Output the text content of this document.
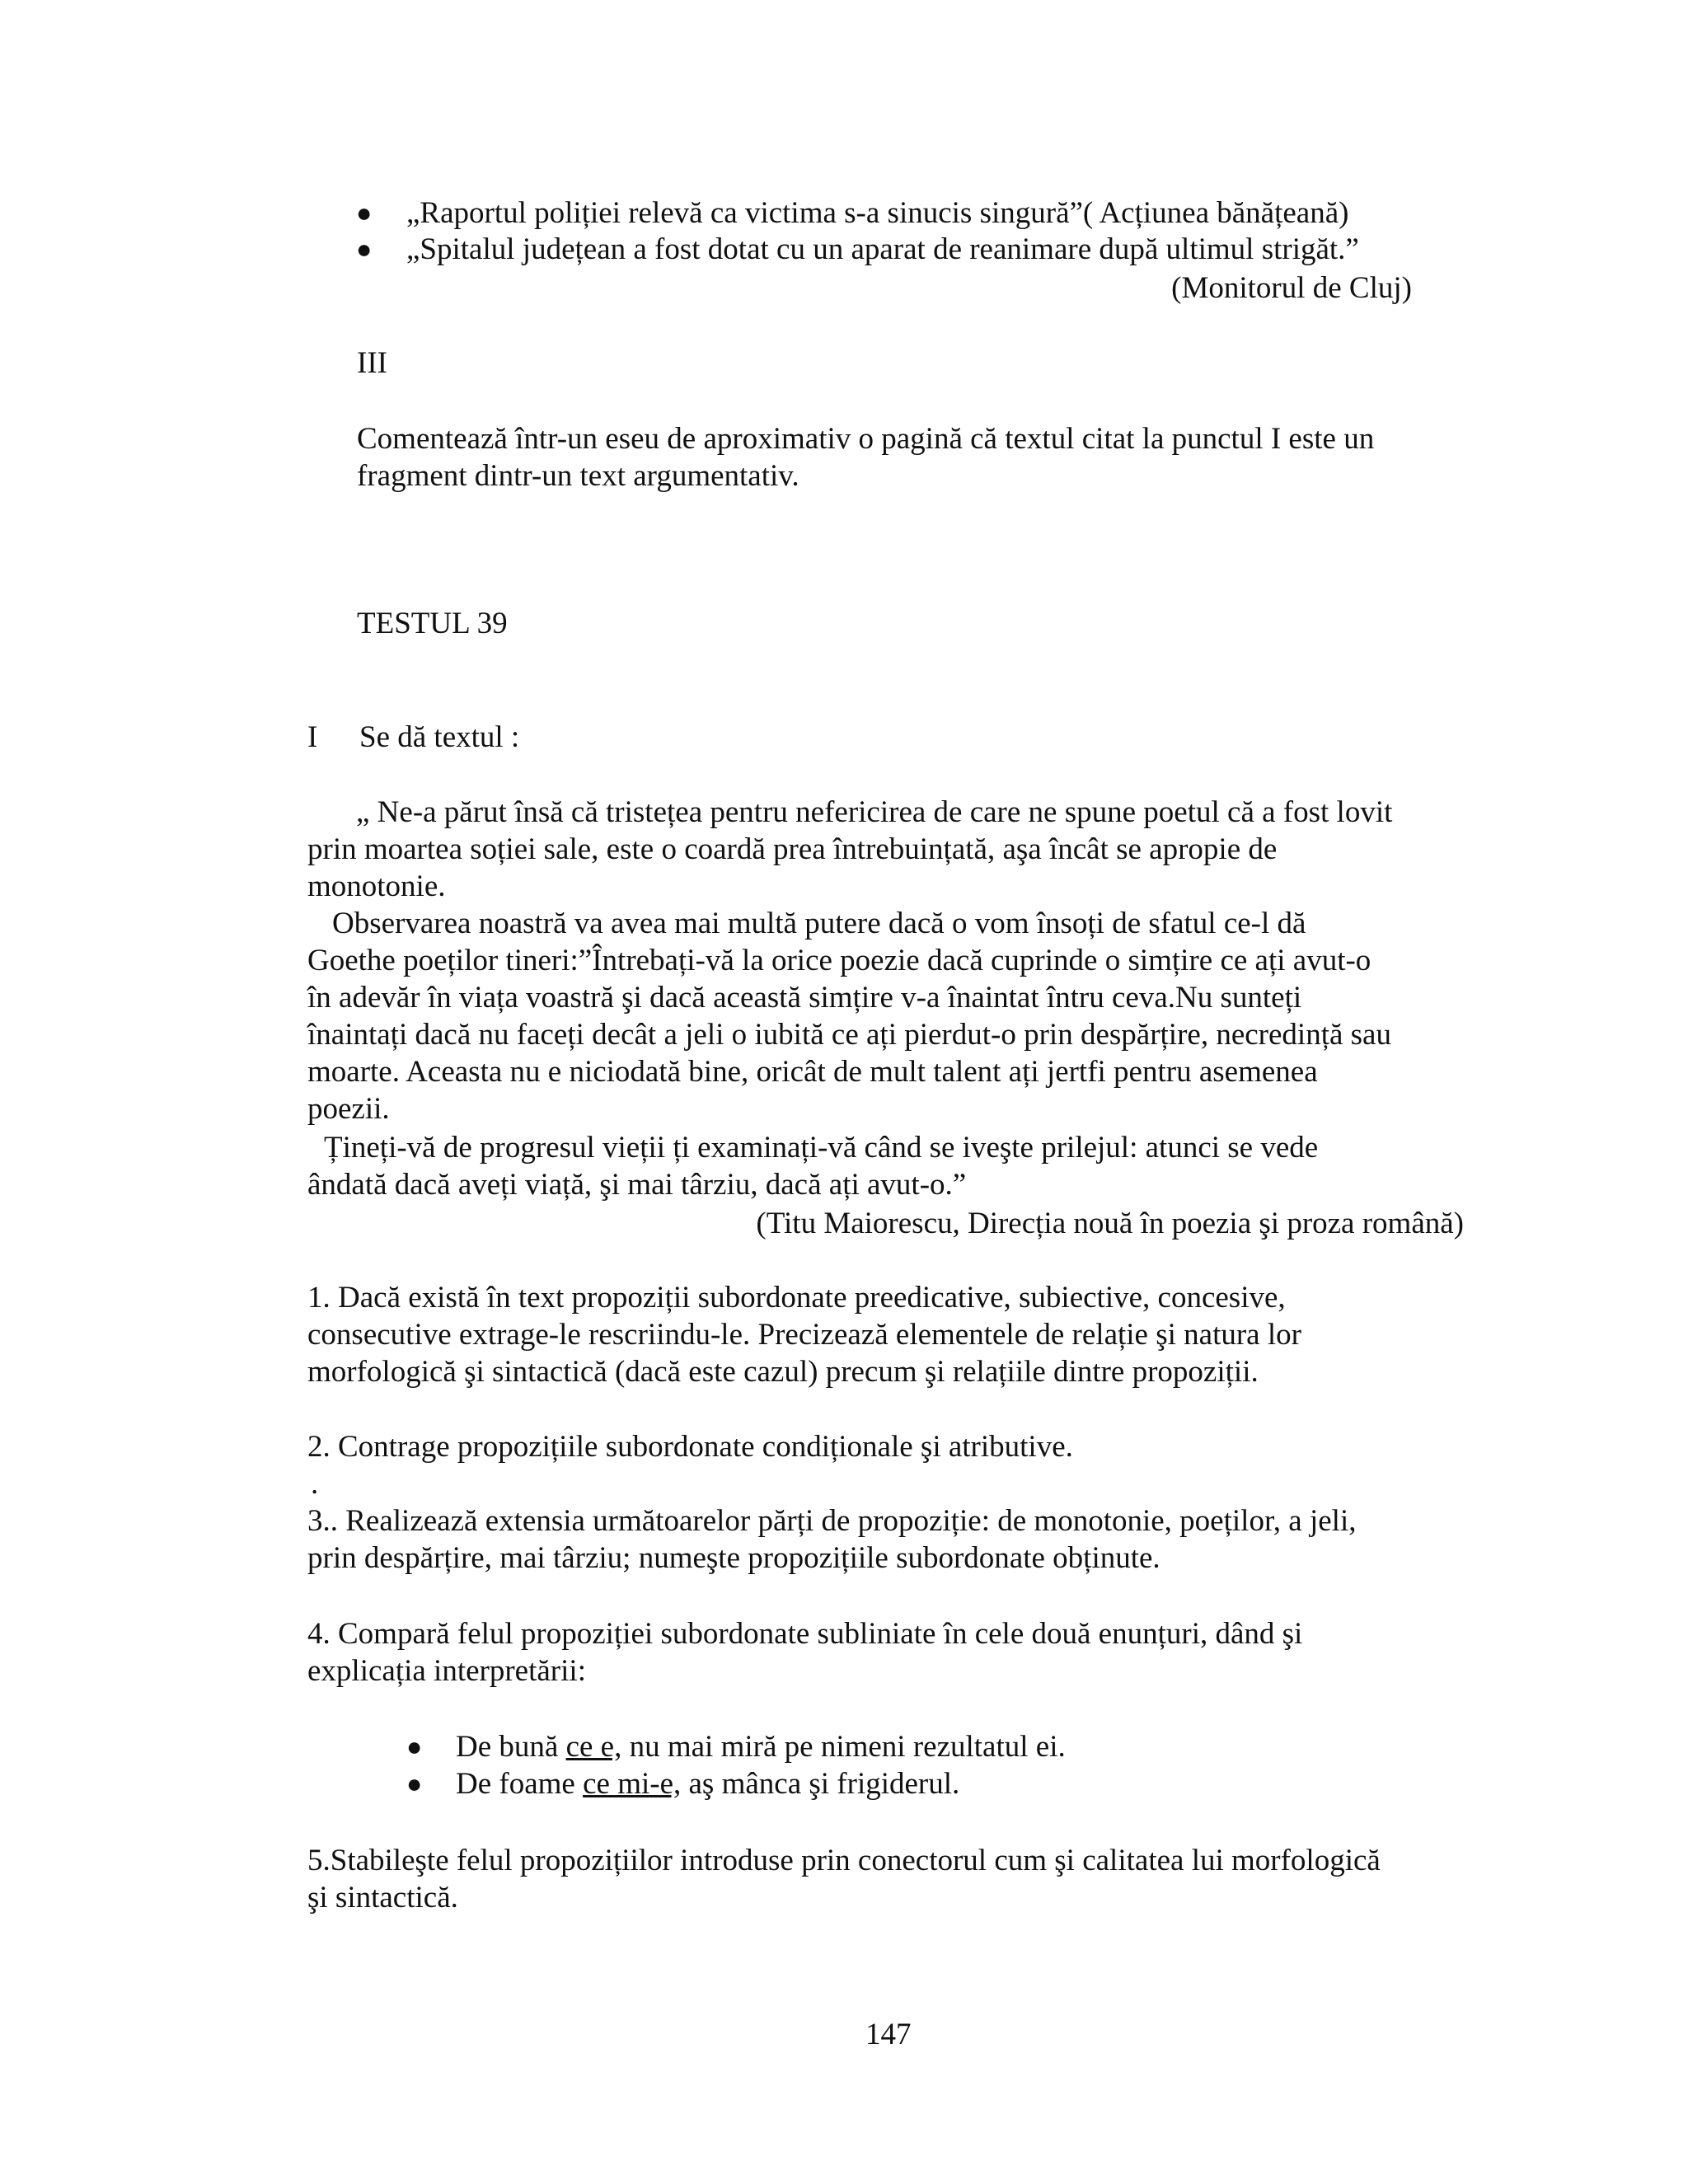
● „Raportul poliției relevă ca victima s-a sinucis singură”( Acțiunea bănățeană)
● „Spitalul județean a fost dotat cu un aparat de reanimare după ultimul strigăt.”
(Monitorul de Cluj)
III
Comentează într-un eseu de aproximativ o pagină că textul citat la punctul I este un
fragment dintr-un text argumentativ.
TESTUL 39
I Se dă textul :
„ Ne-a părut însă că tristețea pentru nefericirea de care ne spune poetul că a fost lovit
prin moartea soției sale, este o coardă prea întrebuințată, aşa încât se apropie de
monotonie.
Observarea noastră va avea mai multă putere dacă o vom însoți de sfatul ce-l dă
Goethe poeților tineri:”Întrebați-vă la orice poezie dacă cuprinde o simțire ce ați avut-o
în adevăr în viața voastră şi dacă această simțire v-a înaintat întru ceva.Nu sunteți
înaintați dacă nu faceți decât a jeli o iubită ce ați pierdut-o prin despărțire, necredință sau
moarte. Aceasta nu e niciodată bine, oricât de mult talent ați jertfi pentru asemenea
poezii.
Țineți-vă de progresul vieții ți examinați-vă când se iveşte prilejul: atunci se vede
ândată dacă aveți viață, şi mai târziu, dacă ați avut-o.”
(Titu Maiorescu, Direcția nouă în poezia şi proza română)
1. Dacă există în text propoziții subordonate preedicative, subiective, concesive,
consecutive extrage-le rescriindu-le. Precizează elementele de relație şi natura lor
morfologică şi sintactică (dacă este cazul) precum şi relațiile dintre propoziții.
2. Contrage propozițiile subordonate condiționale şi atributive.
.
3.. Realizează extensia următoarelor părți de propoziție: de monotonie, poeților, a jeli,
prin despărțire, mai târziu; numeşte propozițiile subordonate obținute.
4. Compară felul propoziției subordonate subliniate în cele două enunțuri, dând şi
explicația interpretării:
● De bună ce e, nu mai miră pe nimeni rezultatul ei.
● De foame ce mi-e, aş mânca şi frigiderul.
5.Stabileşte felul propozițiilor introduse prin conectorul cum şi calitatea lui morfologică
şi sintactică.
147
